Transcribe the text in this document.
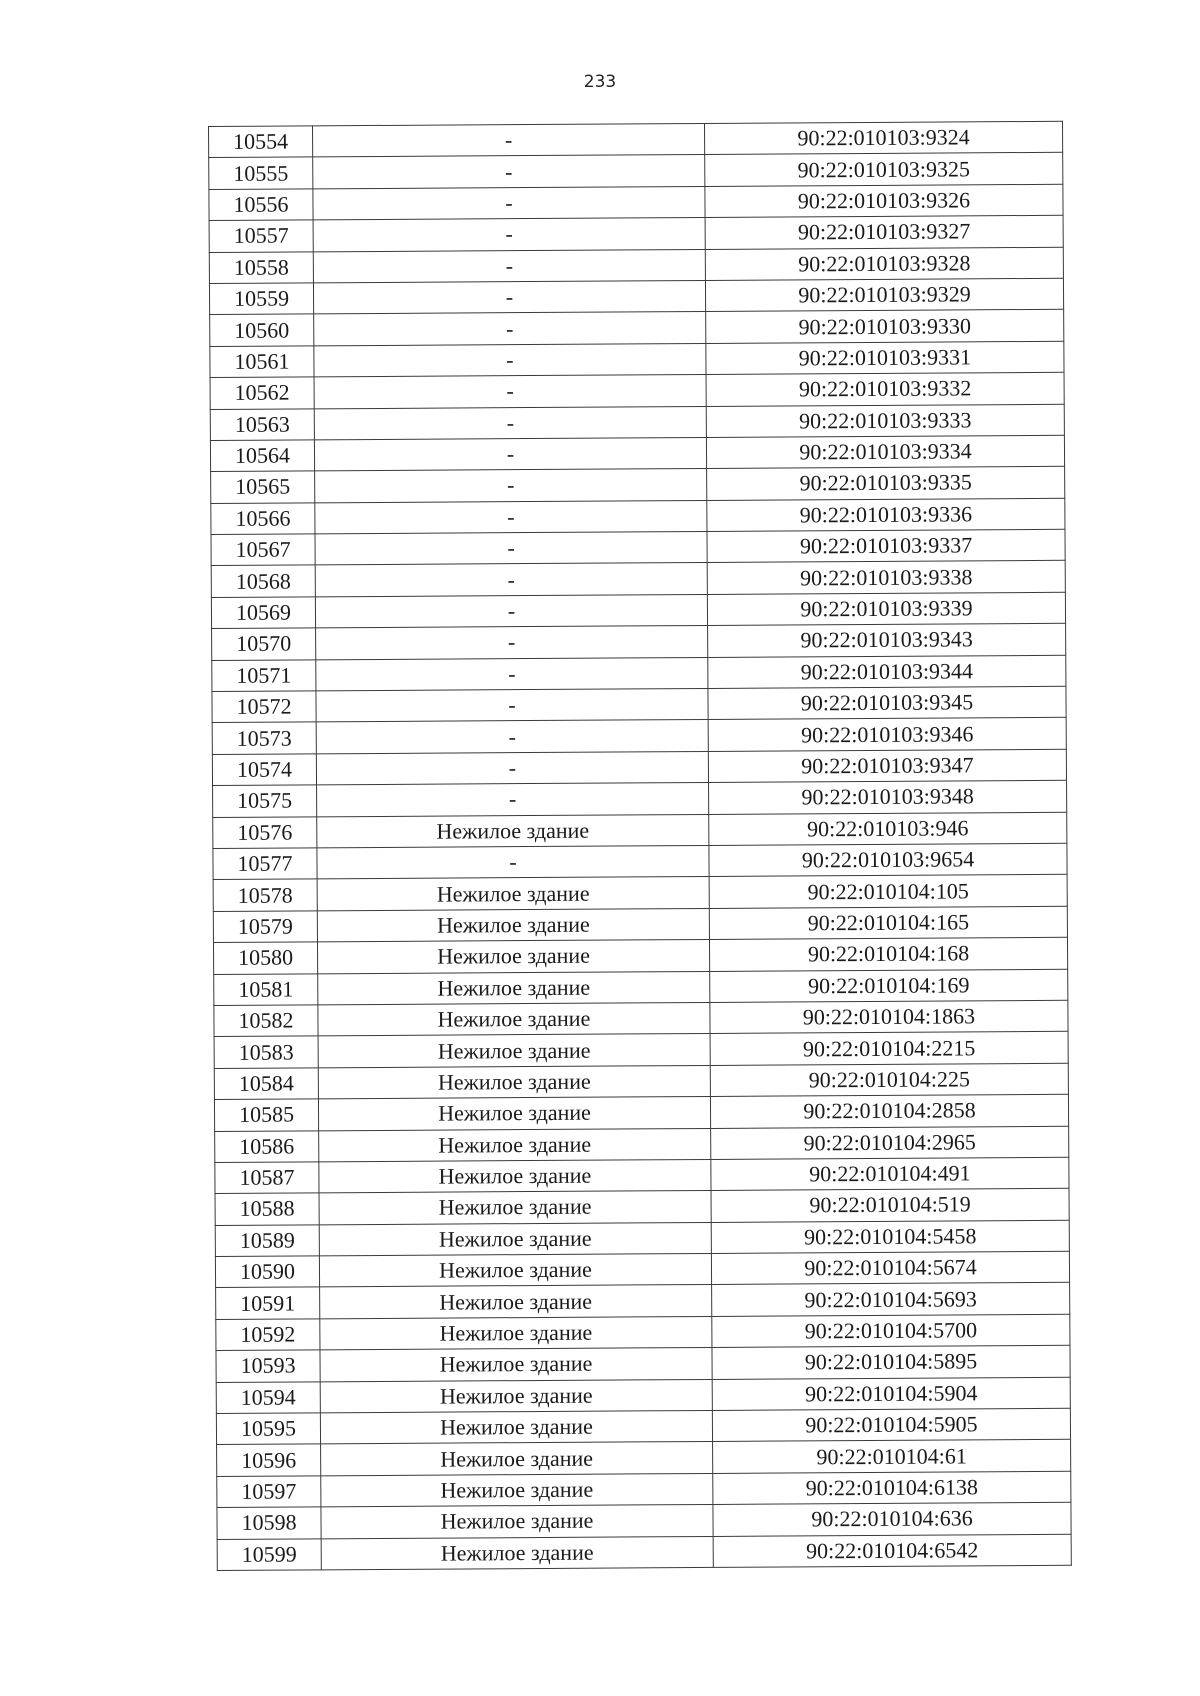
233
10554	-	90:22:010103:9324
10555	-	90:22:010103:9325
10556	-	90:22:010103:9326
10557	-	90:22:010103:9327
10558	-	90:22:010103:9328
10559	-	90:22:010103:9329
10560	-	90:22:010103:9330
10561	-	90:22:010103:9331
10562	-	90:22:010103:9332
10563	-	90:22:010103:9333
10564	-	90:22:010103:9334
10565	-	90:22:010103:9335
10566	-	90:22:010103:9336
10567	-	90:22:010103:9337
10568	-	90:22:010103:9338
10569	-	90:22:010103:9339
10570	-	90:22:010103:9343
10571	-	90:22:010103:9344
10572	-	90:22:010103:9345
10573	-	90:22:010103:9346
10574	-	90:22:010103:9347
10575	-	90:22:010103:9348
10576	Нежилое здание	90:22:010103:946
10577	-	90:22:010103:9654
10578	Нежилое здание	90:22:010104:105
10579	Нежилое здание	90:22:010104:165
10580	Нежилое здание	90:22:010104:168
10581	Нежилое здание	90:22:010104:169
10582	Нежилое здание	90:22:010104:1863
10583	Нежилое здание	90:22:010104:2215
10584	Нежилое здание	90:22:010104:225
10585	Нежилое здание	90:22:010104:2858
10586	Нежилое здание	90:22:010104:2965
10587	Нежилое здание	90:22:010104:491
10588	Нежилое здание	90:22:010104:519
10589	Нежилое здание	90:22:010104:5458
10590	Нежилое здание	90:22:010104:5674
10591	Нежилое здание	90:22:010104:5693
10592	Нежилое здание	90:22:010104:5700
10593	Нежилое здание	90:22:010104:5895
10594	Нежилое здание	90:22:010104:5904
10595	Нежилое здание	90:22:010104:5905
10596	Нежилое здание	90:22:010104:61
10597	Нежилое здание	90:22:010104:6138
10598	Нежилое здание	90:22:010104:636
10599	Нежилое здание	90:22:010104:6542
